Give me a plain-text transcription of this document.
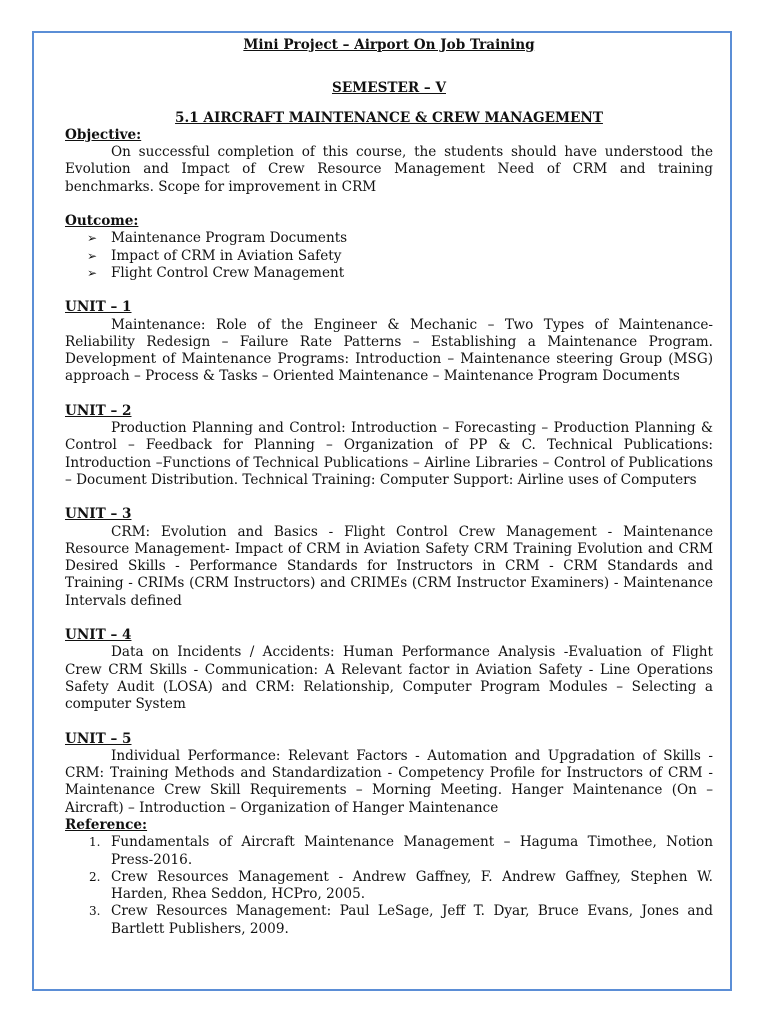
Mini Project – Airport On Job Training

SEMESTER – V

5.1 AIRCRAFT MAINTENANCE & CREW MANAGEMENT

Objective:

On successful completion of this course, the students should have understood the Evolution and Impact of Crew Resource Management Need of CRM and training benchmarks. Scope for improvement in CRM

Outcome:

➢ Maintenance Program Documents
➢ Impact of CRM in Aviation Safety
➢ Flight Control Crew Management

UNIT – 1

Maintenance: Role of the Engineer & Mechanic – Two Types of Maintenance-Reliability Redesign – Failure Rate Patterns – Establishing a Maintenance Program. Development of Maintenance Programs: Introduction – Maintenance steering Group (MSG) approach – Process & Tasks – Oriented Maintenance – Maintenance Program Documents

UNIT – 2

Production Planning and Control: Introduction – Forecasting – Production Planning & Control – Feedback for Planning – Organization of PP & C. Technical Publications: Introduction –Functions of Technical Publications – Airline Libraries – Control of Publications – Document Distribution. Technical Training: Computer Support: Airline uses of Computers

UNIT – 3

CRM: Evolution and Basics - Flight Control Crew Management - Maintenance Resource Management- Impact of CRM in Aviation Safety CRM Training Evolution and CRM Desired Skills - Performance Standards for Instructors in CRM - CRM Standards and Training - CRIMs (CRM Instructors) and CRIMEs (CRM Instructor Examiners) - Maintenance Intervals defined

UNIT – 4

Data on Incidents / Accidents: Human Performance Analysis -Evaluation of Flight Crew CRM Skills - Communication: A Relevant factor in Aviation Safety - Line Operations Safety Audit (LOSA) and CRM: Relationship, Computer Program Modules – Selecting a computer System

UNIT – 5

Individual Performance: Relevant Factors - Automation and Upgradation of Skills - CRM: Training Methods and Standardization - Competency Profile for Instructors of CRM - Maintenance Crew Skill Requirements – Morning Meeting. Hanger Maintenance (On –Aircraft) – Introduction – Organization of Hanger Maintenance

Reference:

1. Fundamentals of Aircraft Maintenance Management – Haguma Timothee, Notion Press-2016.
2. Crew Resources Management - Andrew Gaffney, F. Andrew Gaffney, Stephen W. Harden, Rhea Seddon, HCPro, 2005.
3. Crew Resources Management: Paul LeSage, Jeff T. Dyar, Bruce Evans, Jones and Bartlett Publishers, 2009.
